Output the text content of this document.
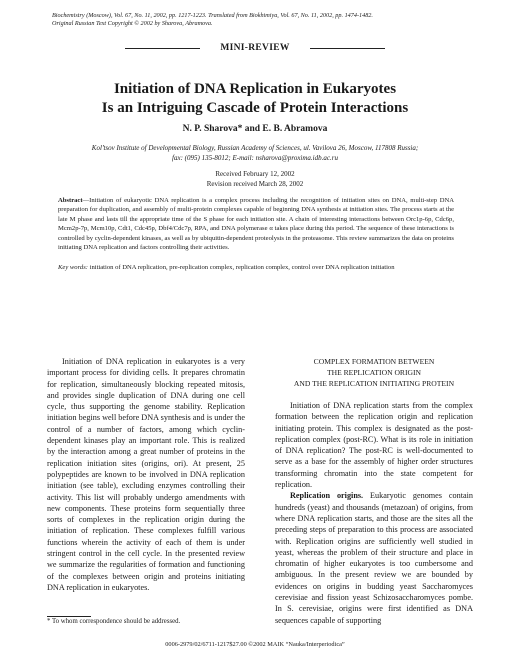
Biochemistry (Moscow), Vol. 67, No. 11, 2002, pp. 1217-1223. Translated from Biokhimiya, Vol. 67, No. 11, 2002, pp. 1474-1482.
Original Russian Text Copyright © 2002 by Sharova, Abramova.
MINI-REVIEW
Initiation of DNA Replication in Eukaryotes
Is an Intriguing Cascade of Protein Interactions
N. P. Sharova* and E. B. Abramova
Kol’tsov Institute of Developmental Biology, Russian Academy of Sciences, ul. Vavilova 26, Moscow, 117808 Russia;
fax: (095) 135-8012; E-mail: nsharova@proxima.idb.ac.ru
Received February 12, 2002
Revision received March 28, 2002
Abstract—Initiation of eukaryotic DNA replication is a complex process including the recognition of initiation sites on DNA, multi-step DNA preparation for duplication, and assembly of multi-protein complexes capable of beginning DNA synthesis at initiation sites. The process starts at the late M phase and lasts till the appropriate time of the S phase for each initiation site. A chain of interesting interactions between Orc1p-6p, Cdc6p, Mcm2p-7p, Mcm10p, Cdt1, Cdc45p, Dbf4/Cdc7p, RPA, and DNA polymerase α takes place during this period. The sequence of these interactions is controlled by cyclin-dependent kinases, as well as by ubiquitin-dependent proteolysis in the proteasome. This review summarizes the data on proteins initiating DNA replication and factors controlling their activities.
Key words: initiation of DNA replication, pre-replication complex, replication complex, control over DNA replication initiation

Initiation of DNA replication in eukaryotes is a very important process for dividing cells. It prepares chromatin for replication, simultaneously blocking repeated mitosis, and provides single duplication of DNA during one cell cycle, thus supporting the genome stability. Replication initiation begins well before DNA synthesis and is under the control of a number of factors, among which cyclin-dependent kinases play an important role. This is realized by the interaction among a great number of proteins in the replication initiation sites (origins, ori). At present, 25 polypeptides are known to be involved in DNA replication initiation (see table), excluding enzymes controlling their activity. This list will probably undergo amendments with new components. These proteins form sequentially three sorts of complexes in the replication origin during the initiation of replication. These complexes fulfill various functions wherein the activity of each of them is under stringent control in the cell cycle. In the presented review we summarize the regularities of formation and functioning of the complexes between origin and proteins initiating DNA replication in eukaryotes.

COMPLEX FORMATION BETWEEN
THE REPLICATION ORIGIN
AND THE REPLICATION INITIATING PROTEIN

Initiation of DNA replication starts from the complex formation between the replication origin and replication initiating protein. This complex is designated as the post-replication complex (post-RC). What is its role in initiation of DNA replication? The post-RC is well-documented to serve as a base for the assembly of higher order structures transforming chromatin into the state competent for replication.

Replication origins. Eukaryotic genomes contain hundreds (yeast) and thousands (metazoan) of origins, from where DNA replication starts, and those are the sites all the preceding steps of preparation to this process are associated with. Replication origins are sufficiently well studied in yeast, whereas the problem of their structure and place in chromatin of higher eukaryotes is too cumbersome and ambiguous. In the present review we are bounded by evidences on origins in budding yeast Saccharomyces cerevisiae and fission yeast Schizosaccharomyces pombe. In S. cerevisiae, origins were first identified as DNA sequences capable of supporting

* To whom correspondence should be addressed.
0006-2979/02/6711-1217$27.00 ©2002 MAIK “Nauka/Interperiodica”
